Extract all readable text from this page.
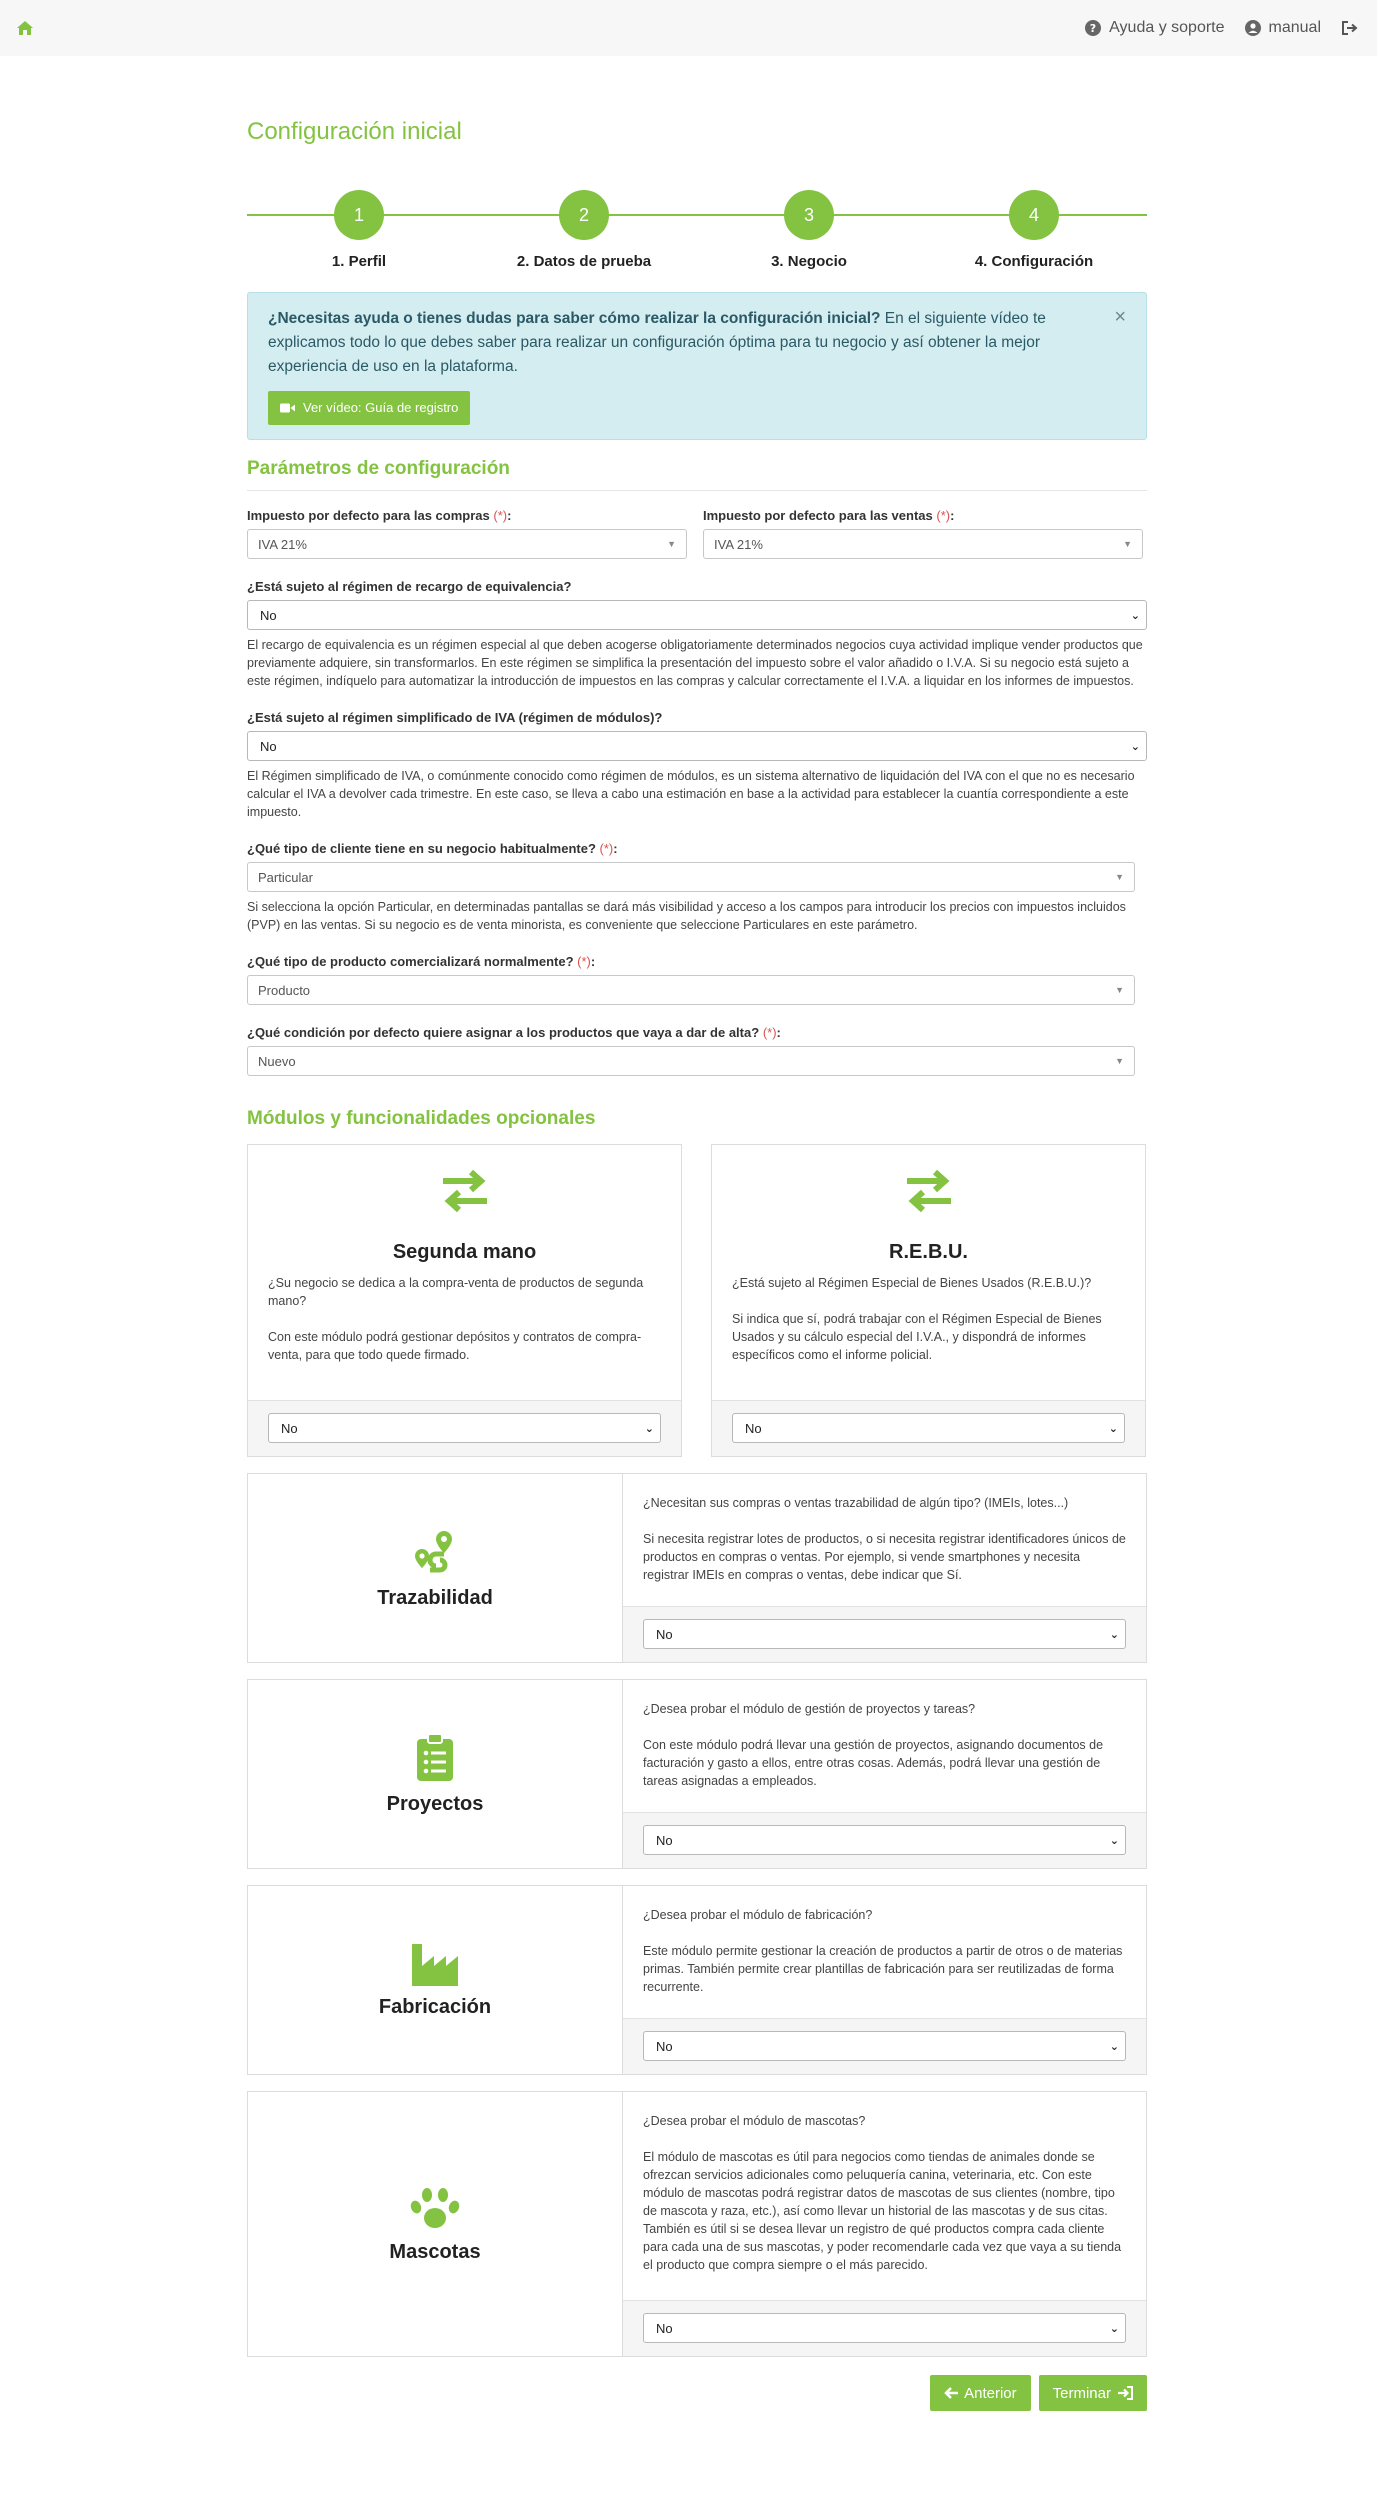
? Ayuda y soporte	manual
Configuración inicial
1
1. Perfil
2
2. Datos de prueba
3
3. Negocio
4
4. Configuración
×
¿Necesitas ayuda o tienes dudas para saber cómo realizar la configuración inicial? En el siguiente vídeo te explicamos todo lo que debes saber para realizar un configuración óptima para tu negocio y así obtener la mejor experiencia de uso en la plataforma.
Ver vídeo: Guía de registro
Parámetros de configuración
Impuesto por defecto para las compras (*):
IVA 21%	▼
Impuesto por defecto para las ventas (*):
IVA 21%	▼
¿Está sujeto al régimen de recargo de equivalencia?
No	⌄
El recargo de equivalencia es un régimen especial al que deben acogerse obligatoriamente determinados negocios cuya actividad implique vender productos que previamente adquiere, sin transformarlos. En este régimen se simplifica la presentación del impuesto sobre el valor añadido o I.V.A. Si su negocio está sujeto a este régimen, indíquelo para automatizar la introducción de impuestos en las compras y calcular correctamente el I.V.A. a liquidar en los informes de impuestos.
¿Está sujeto al régimen simplificado de IVA (régimen de módulos)?
No	⌄
El Régimen simplificado de IVA, o comúnmente conocido como régimen de módulos, es un sistema alternativo de liquidación del IVA con el que no es necesario calcular el IVA a devolver cada trimestre. En este caso, se lleva a cabo una estimación en base a la actividad para establecer la cuantía correspondiente a este impuesto.
¿Qué tipo de cliente tiene en su negocio habitualmente? (*):
Particular	▼
Si selecciona la opción Particular, en determinadas pantallas se dará más visibilidad y acceso a los campos para introducir los precios con impuestos incluidos (PVP) en las ventas. Si su negocio es de venta minorista, es conveniente que seleccione Particulares en este parámetro.
¿Qué tipo de producto comercializará normalmente? (*):
Producto	▼
¿Qué condición por defecto quiere asignar a los productos que vaya a dar de alta? (*):
Nuevo	▼
Módulos y funcionalidades opcionales
Segunda mano

¿Su negocio se dedica a la compra-venta de productos de segunda mano?

Con este módulo podrá gestionar depósitos y contratos de compra-venta, para que todo quede firmado.

No	⌄
R.E.B.U.

¿Está sujeto al Régimen Especial de Bienes Usados (R.E.B.U.)?

Si indica que sí, podrá trabajar con el Régimen Especial de Bienes Usados y su cálculo especial del I.V.A., y dispondrá de informes específicos como el informe policial.

No	⌄
Trazabilidad

¿Necesitan sus compras o ventas trazabilidad de algún tipo? (IMEIs, lotes...)

Si necesita registrar lotes de productos, o si necesita registrar identificadores únicos de productos en compras o ventas. Por ejemplo, si vende smartphones y necesita registrar IMEIs en compras o ventas, debe indicar que Sí.

No	⌄
Proyectos

¿Desea probar el módulo de gestión de proyectos y tareas?

Con este módulo podrá llevar una gestión de proyectos, asignando documentos de facturación y gasto a ellos, entre otras cosas. Además, podrá llevar una gestión de tareas asignadas a empleados.

No	⌄
Fabricación

¿Desea probar el módulo de fabricación?

Este módulo permite gestionar la creación de productos a partir de otros o de materias primas. También permite crear plantillas de fabricación para ser reutilizadas de forma recurrente.

No	⌄
Mascotas

¿Desea probar el módulo de mascotas?

El módulo de mascotas es útil para negocios como tiendas de animales donde se ofrezcan servicios adicionales como peluquería canina, veterinaria, etc. Con este módulo de mascotas podrá registrar datos de mascotas de sus clientes (nombre, tipo de mascota y raza, etc.), así como llevar un historial de las mascotas y de sus citas. También es útil si se desea llevar un registro de qué productos compra cada cliente para cada una de sus mascotas, y poder recomendarle cada vez que vaya a su tienda el producto que compra siempre o el más parecido.

No	⌄
Anterior Terminar
